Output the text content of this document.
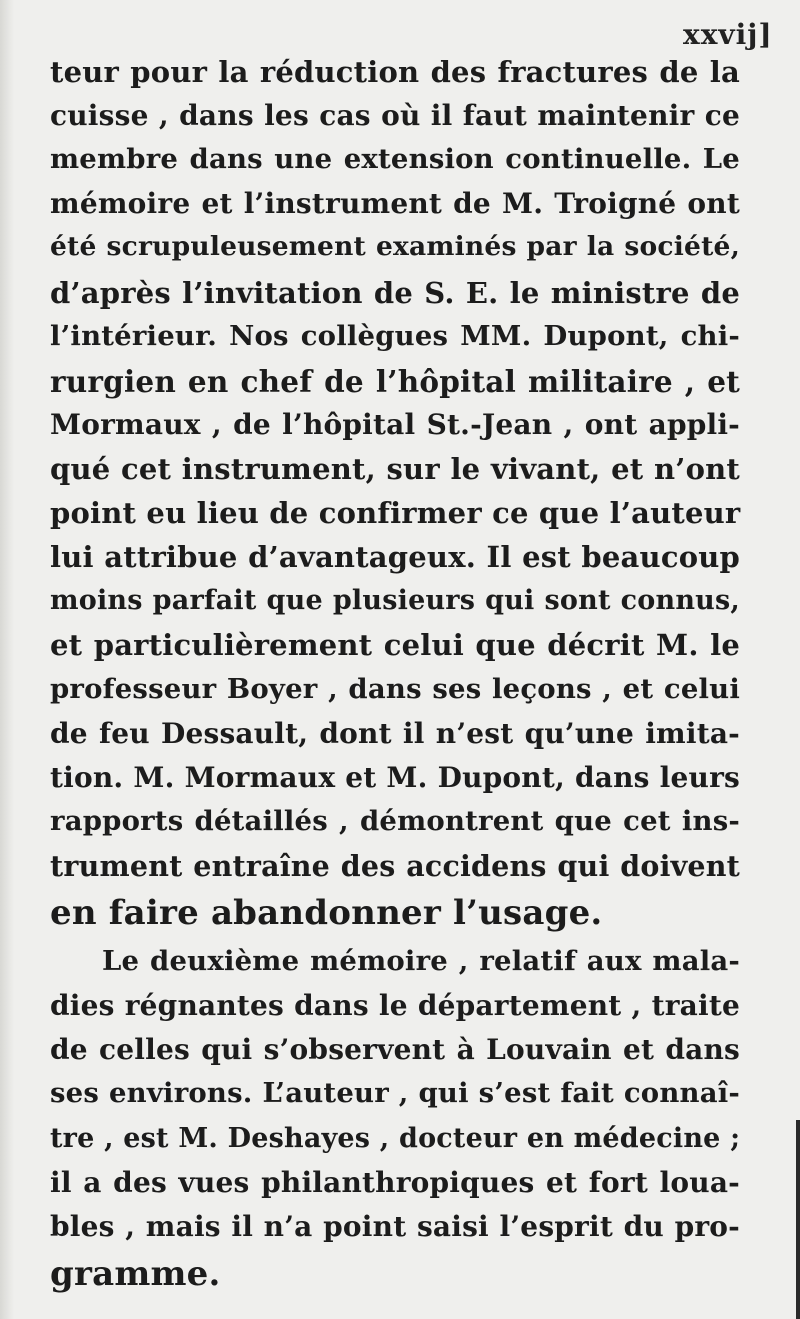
xxvij]
teur pour la réduction des fractures de la
cuisse , dans les cas où il faut maintenir ce
membre dans une extension continuelle. Le
mémoire et l’instrument de M. Troigné ont
été scrupuleusement examinés par la société,
d’après l’invitation de S. E. le ministre de
l’intérieur. Nos collègues MM. Dupont, chi-
rurgien en chef de l’hôpital militaire , et
Mormaux , de l’hôpital St.-Jean , ont appli-
qué cet instrument, sur le vivant, et n’ont
point eu lieu de confirmer ce que l’auteur
lui attribue d’avantageux. Il est beaucoup
moins parfait que plusieurs qui sont connus,
et particulièrement celui que décrit M. le
professeur Boyer , dans ses leçons , et celui
de feu Dessault, dont il n’est qu’une imita-
tion. M. Mormaux et M. Dupont, dans leurs
rapports détaillés , démontrent que cet ins-
trument entraîne des accidens qui doivent
en faire abandonner l’usage.
Le deuxième mémoire , relatif aux mala-
dies régnantes dans le département , traite
de celles qui s’observent à Louvain et dans
ses environs. L’auteur , qui s’est fait connaî-
tre , est M. Deshayes , docteur en médecine ;
il a des vues philanthropiques et fort loua-
bles , mais il n’a point saisi l’esprit du pro-
gramme.
